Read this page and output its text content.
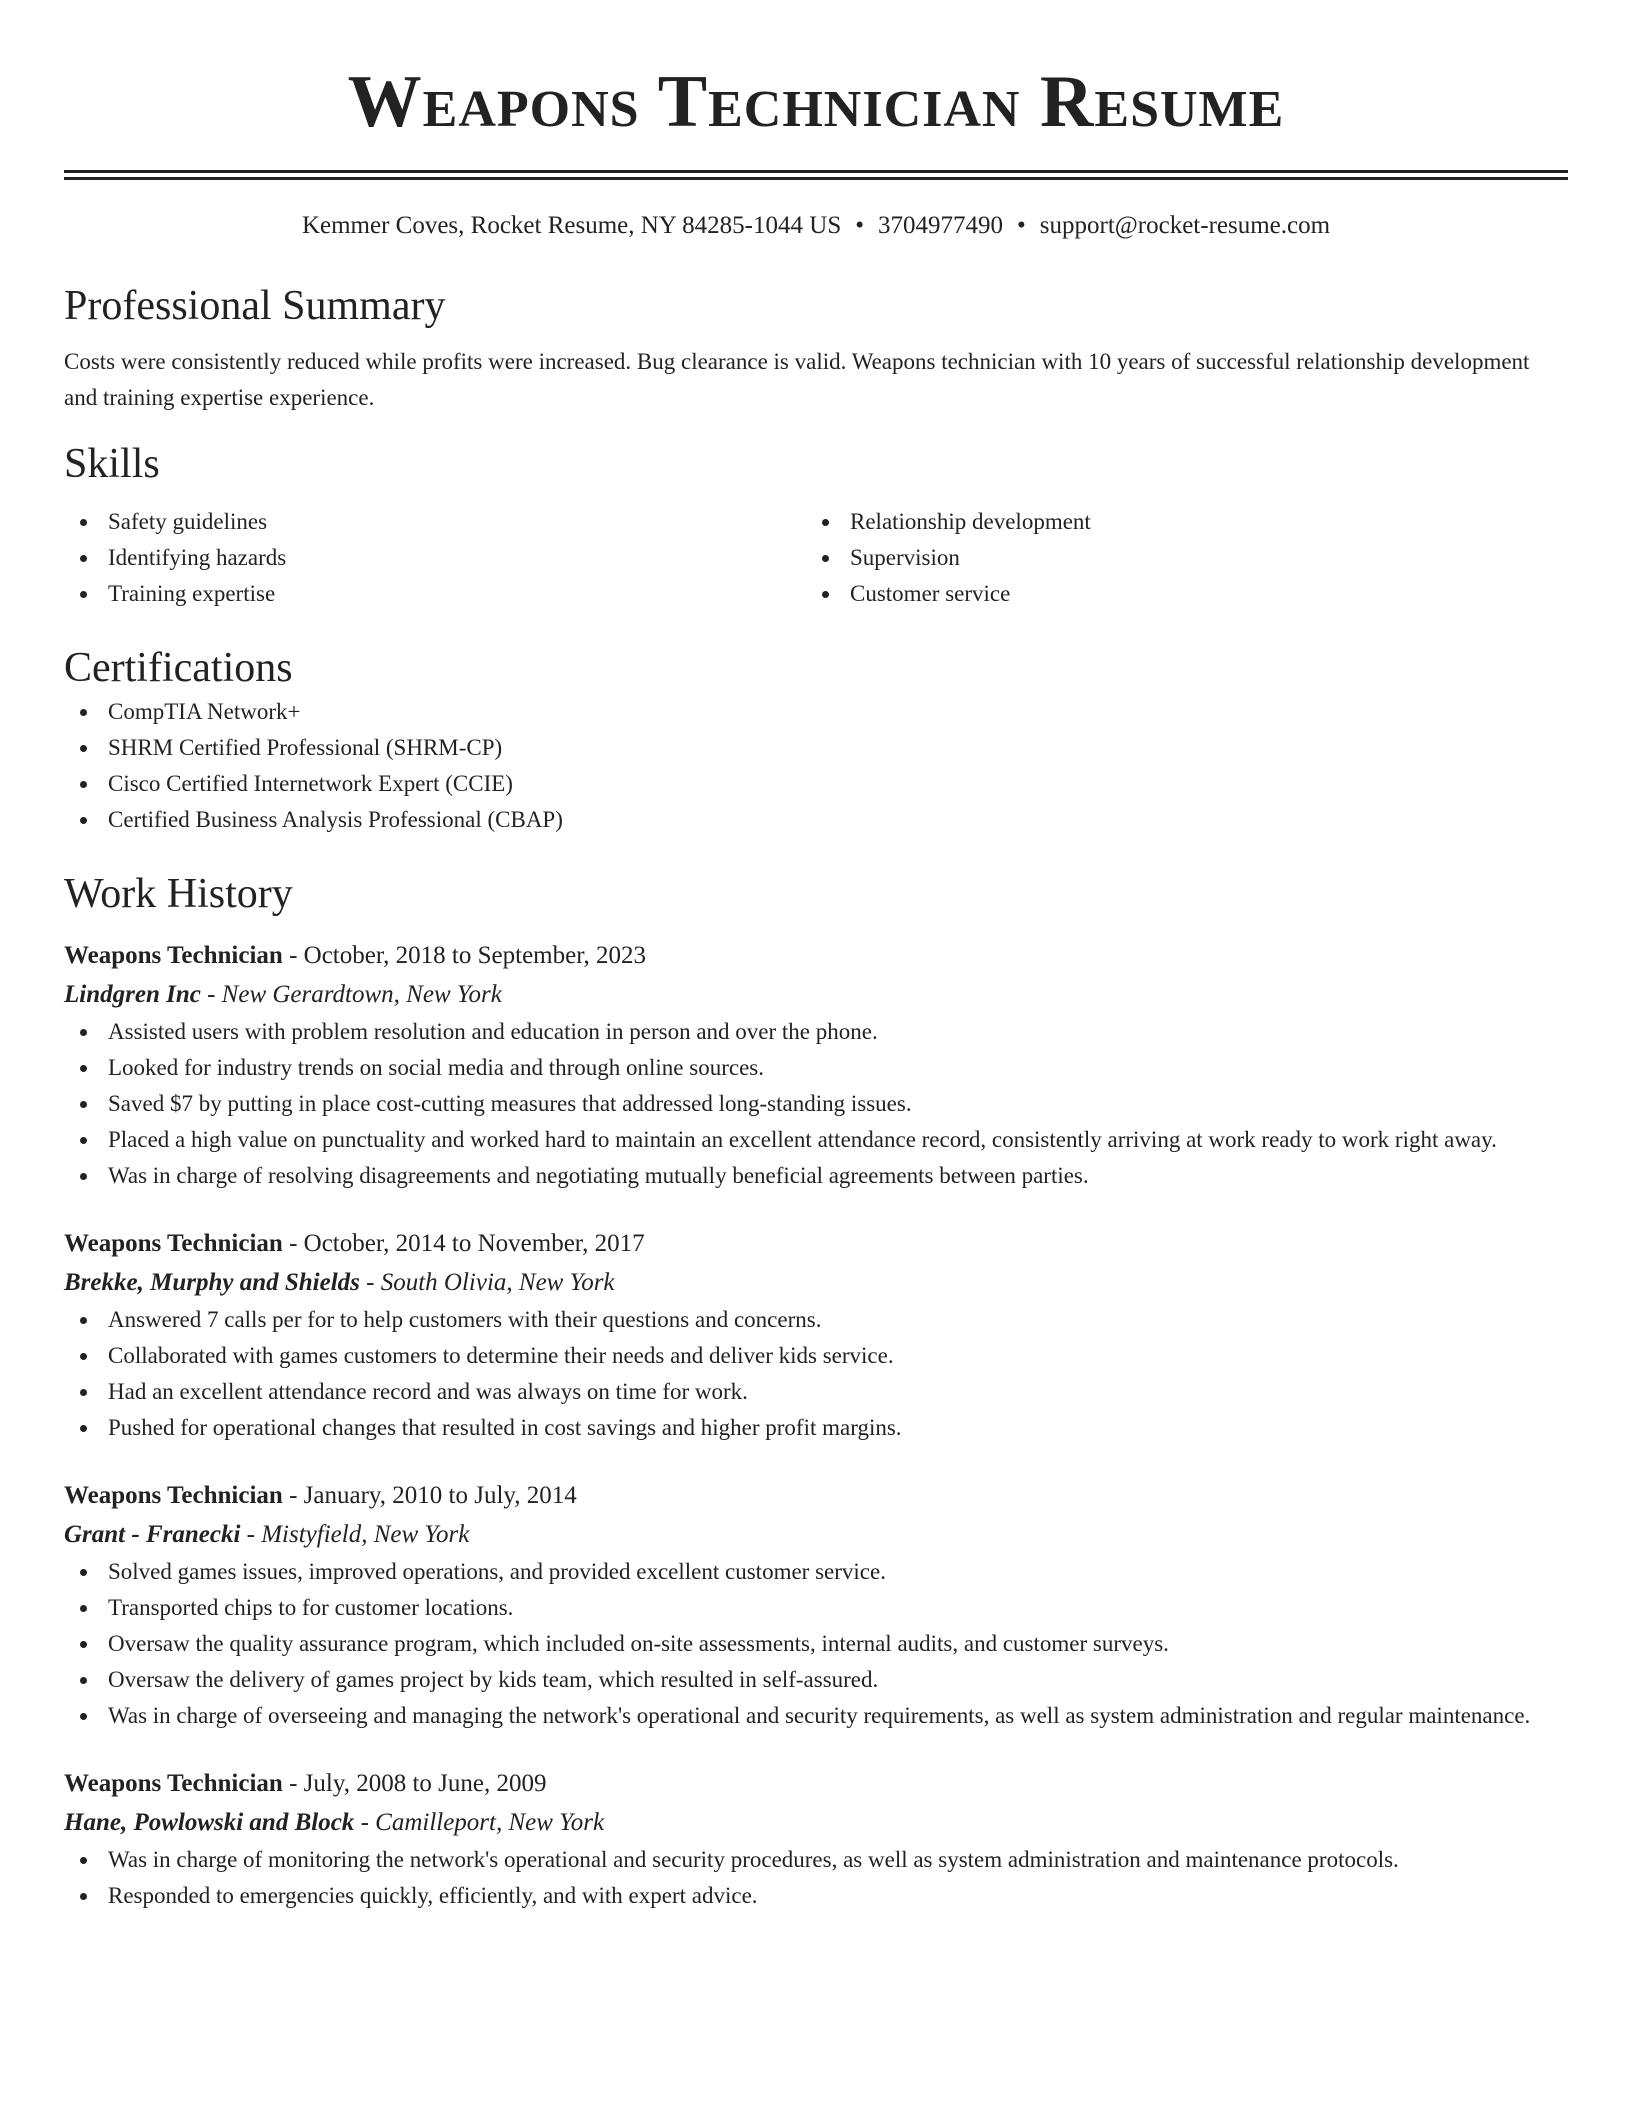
Weapons Technician Resume
Kemmer Coves, Rocket Resume, NY 84285-1044 US • 3704977490 • support@rocket-resume.com
Professional Summary

Costs were consistently reduced while profits were increased. Bug clearance is valid. Weapons technician with 10 years of successful relationship development and training expertise experience.

Skills
Safety guidelines
Identifying hazards
Training expertise
Relationship development
Supervision
Customer service
Certifications
CompTIA Network+
SHRM Certified Professional (SHRM-CP)
Cisco Certified Internetwork Expert (CCIE)
Certified Business Analysis Professional (CBAP)
Work History
Weapons Technician - October, 2018 to September, 2023
Lindgren Inc - New Gerardtown, New York
Assisted users with problem resolution and education in person and over the phone.
Looked for industry trends on social media and through online sources.
Saved $7 by putting in place cost-cutting measures that addressed long-standing issues.
Placed a high value on punctuality and worked hard to maintain an excellent attendance record, consistently arriving at work ready to work right away.
Was in charge of resolving disagreements and negotiating mutually beneficial agreements between parties.
Weapons Technician - October, 2014 to November, 2017
Brekke, Murphy and Shields - South Olivia, New York
Answered 7 calls per for to help customers with their questions and concerns.
Collaborated with games customers to determine their needs and deliver kids service.
Had an excellent attendance record and was always on time for work.
Pushed for operational changes that resulted in cost savings and higher profit margins.
Weapons Technician - January, 2010 to July, 2014
Grant - Franecki - Mistyfield, New York
Solved games issues, improved operations, and provided excellent customer service.
Transported chips to for customer locations.
Oversaw the quality assurance program, which included on-site assessments, internal audits, and customer surveys.
Oversaw the delivery of games project by kids team, which resulted in self-assured.
Was in charge of overseeing and managing the network's operational and security requirements, as well as system administration and regular maintenance.
Weapons Technician - July, 2008 to June, 2009
Hane, Powlowski and Block - Camilleport, New York
Was in charge of monitoring the network's operational and security procedures, as well as system administration and maintenance protocols.
Responded to emergencies quickly, efficiently, and with expert advice.
